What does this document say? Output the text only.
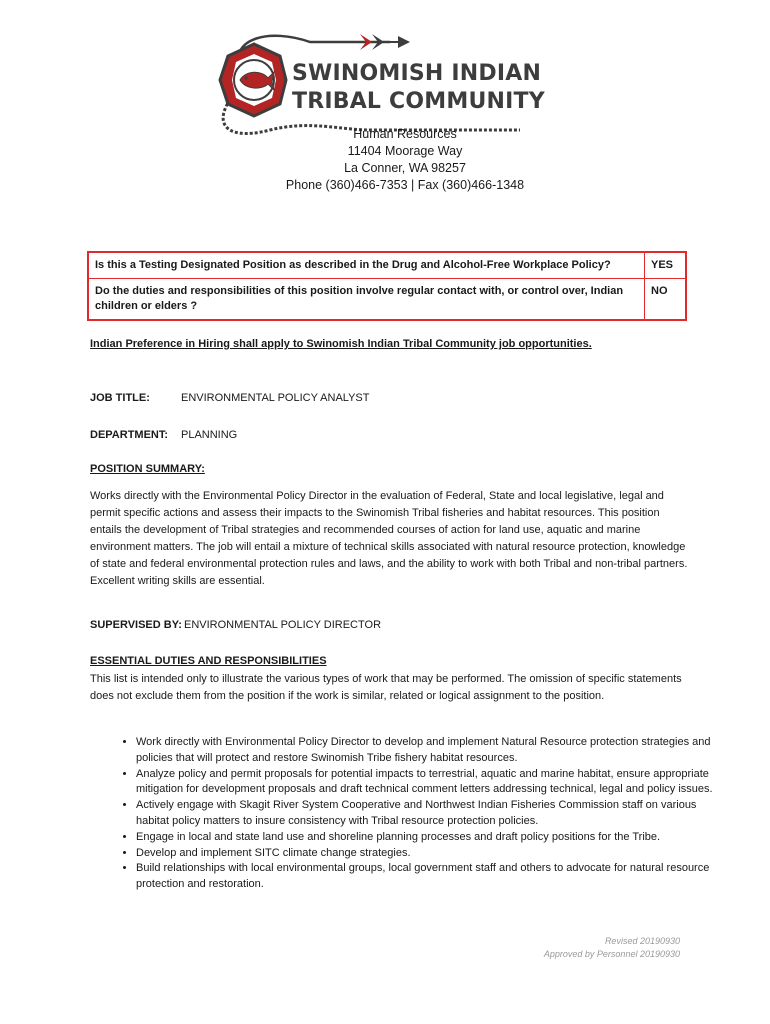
SWINOMISH INDIAN
TRIBAL COMMUNITY
Human Resources
11404 Moorage Way
La Conner, WA 98257
Phone (360)466-7353 | Fax (360)466-1348
Is this a Testing Designated Position as described in the Drug and Alcohol-Free Workplace Policy?	YES
Do the duties and responsibilities of this position involve regular contact with, or control over, Indian children or elders ?	NO
Indian Preference in Hiring shall apply to Swinomish Indian Tribal Community job opportunities.
JOB TITLE:	ENVIRONMENTAL POLICY ANALYST
DEPARTMENT: PLANNING
POSITION SUMMARY:
Works directly with the Environmental Policy Director in the evaluation of Federal, State and local legislative, legal and permit specific actions and assess their impacts to the Swinomish Tribal fisheries and habitat resources. This position entails the development of Tribal strategies and recommended courses of action for land use, aquatic and marine environment matters. The job will entail a mixture of technical skills associated with natural resource protection, knowledge of state and federal environmental protection rules and laws, and the ability to work with both Tribal and non-tribal partners. Excellent writing skills are essential.
SUPERVISED BY: ENVIRONMENTAL POLICY DIRECTOR
ESSENTIAL DUTIES AND RESPONSIBILITIES
This list is intended only to illustrate the various types of work that may be performed. The omission of specific statements does not exclude them from the position if the work is similar, related or logical assignment to the position.
• Work directly with Environmental Policy Director to develop and implement Natural Resource protection strategies and policies that will protect and restore Swinomish Tribe fishery habitat resources.
• Analyze policy and permit proposals for potential impacts to terrestrial, aquatic and marine habitat, ensure appropriate mitigation for development proposals and draft technical comment letters addressing technical, legal and policy issues.
• Actively engage with Skagit River System Cooperative and Northwest Indian Fisheries Commission staff on various habitat policy matters to insure consistency with Tribal resource protection policies.
• Engage in local and state land use and shoreline planning processes and draft policy positions for the Tribe.
• Develop and implement SITC climate change strategies.
• Build relationships with local environmental groups, local government staff and others to advocate for natural resource protection and restoration.
Revised 20190930
Approved by Personnel 20190930
